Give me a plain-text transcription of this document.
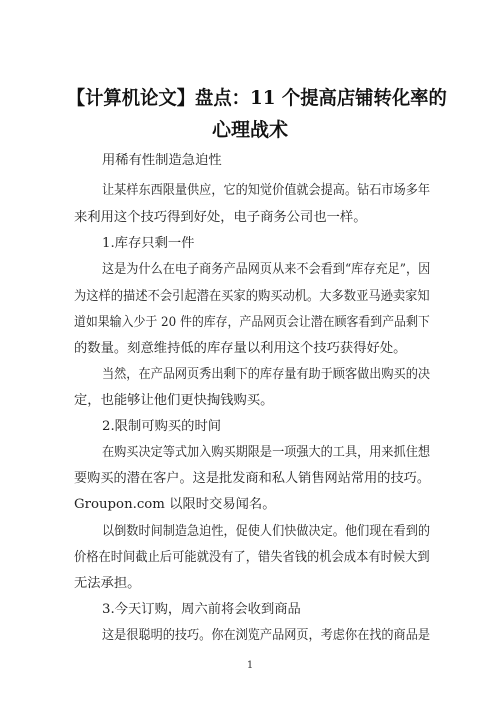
【计算机论文】盘点：11 个提高店铺转化率的
心理战术
用稀有性制造急迫性
让某样东西限量供应，它的知觉价值就会提高。钻石市场多年
来利用这个技巧得到好处，电子商务公司也一样。
1.库存只剩一件
这是为什么在电子商务产品网页从来不会看到“库存充足”，因
为这样的描述不会引起潜在买家的购买动机。大多数亚马逊卖家知
道如果输入少于 20 件的库存，产品网页会让潜在顾客看到产品剩下
的数量。刻意维持低的库存量以利用这个技巧获得好处。
当然，在产品网页秀出剩下的库存量有助于顾客做出购买的决
定，也能够让他们更快掏钱购买。
2.限制可购买的时间
在购买决定等式加入购买期限是一项强大的工具，用来抓住想
要购买的潜在客户。这是批发商和私人销售网站常用的技巧。
Groupon.com 以限时交易闻名。
以倒数时间制造急迫性，促使人们快做决定。他们现在看到的
价格在时间截止后可能就没有了，错失省钱的机会成本有时候大到
无法承担。
3.今天订购，周六前将会收到商品
这是很聪明的技巧。你在浏览产品网页，考虑你在找的商品是
1
